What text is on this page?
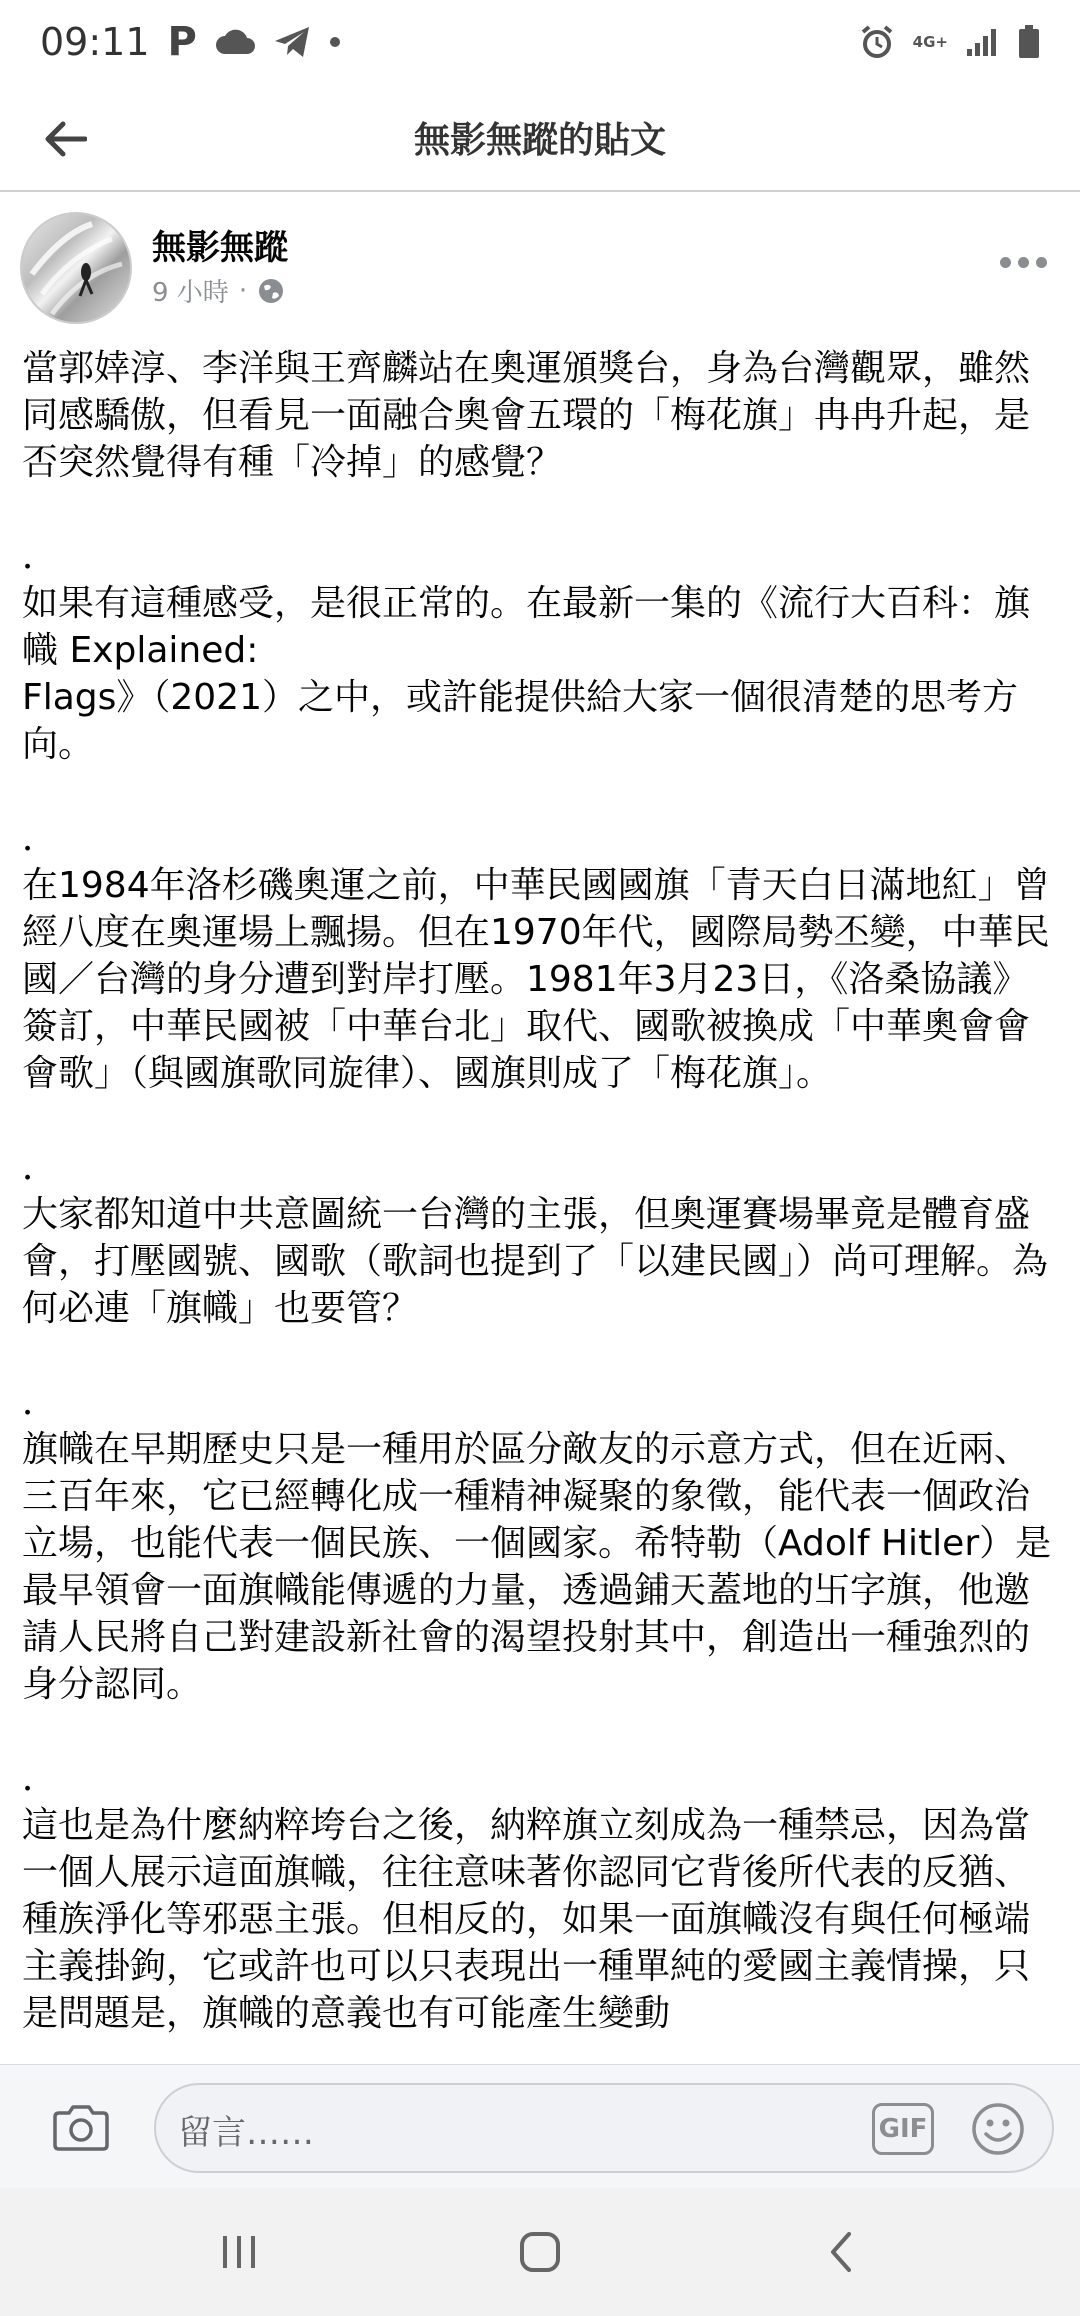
09:11 P	4G+
無影無蹤的貼文
無影無蹤
9 小時 ·

當郭婞淳、李洋與王齊麟站在奧運頒獎台，身為台灣觀眾，雖然同感驕傲，但看見一面融合奧會五環的「梅花旗」冉冉升起，是否突然覺得有種「冷掉」的感覺？

．

如果有這種感受，是很正常的。在最新一集的《流行大百科：旗幟 Explained:

Flags》（2021）之中，或許能提供給大家一個很清楚的思考方向。

．

在1984年洛杉磯奧運之前，中華民國國旗「青天白日滿地紅」曾經八度在奧運場上飄揚。但在1970年代，國際局勢丕變，中華民國／台灣的身分遭到對岸打壓。1981年3月23日，《洛桑協議》簽訂，中華民國被「中華台北」取代、國歌被換成「中華奧會會會歌」（與國旗歌同旋律）、國旗則成了「梅花旗」。

．

大家都知道中共意圖統一台灣的主張，但奧運賽場畢竟是體育盛會，打壓國號、國歌（歌詞也提到了「以建民國」）尚可理解。為何必連「旗幟」也要管？

．

旗幟在早期歷史只是一種用於區分敵友的示意方式，但在近兩、三百年來，它已經轉化成一種精神凝聚的象徵，能代表一個政治立場，也能代表一個民族、一個國家。希特勒（Adolf Hitler）是最早領會一面旗幟能傳遞的力量，透過鋪天蓋地的卐字旗，他邀請人民將自己對建設新社會的渴望投射其中，創造出一種強烈的身分認同。

．

這也是為什麼納粹垮台之後，納粹旗立刻成為一種禁忌，因為當一個人展示這面旗幟，往往意味著你認同它背後所代表的反猶、種族淨化等邪惡主張。但相反的，如果一面旗幟沒有與任何極端主義掛鉤，它或許也可以只表現出一種單純的愛國主義情操，只是問題是，旗幟的意義也有可能產生變動

留言……	GIF
